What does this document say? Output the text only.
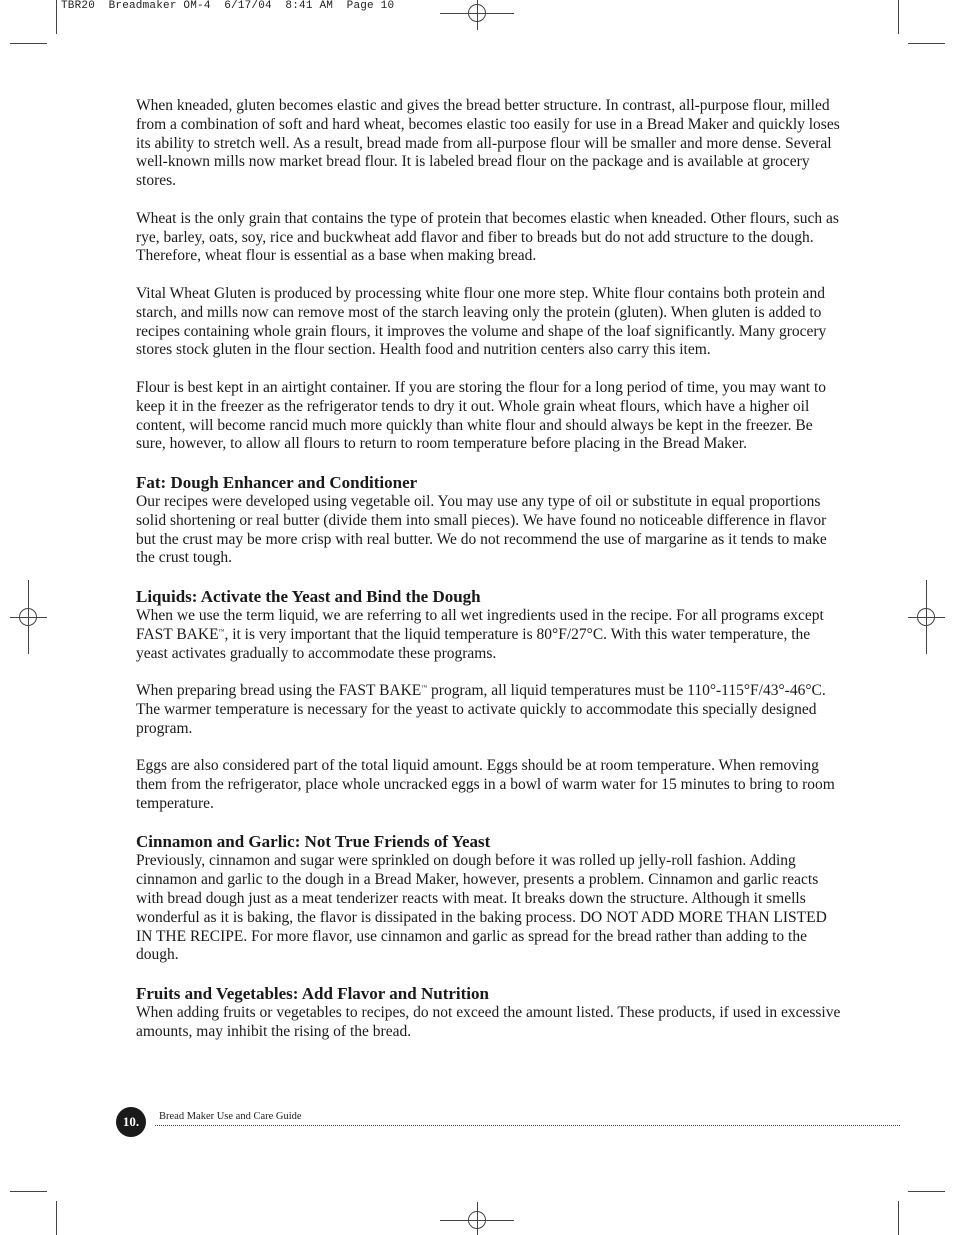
TBR20  Breadmaker OM-4  6/17/04  8:41 AM  Page 10

When kneaded, gluten becomes elastic and gives the bread better structure. In contrast, all-purpose flour, milled from a combination of soft and hard wheat, becomes elastic too easily for use in a Bread Maker and quickly loses its ability to stretch well. As a result, bread made from all-purpose flour will be smaller and more dense. Several well-known mills now market bread flour. It is labeled bread flour on the package and is available at grocery stores.

Wheat is the only grain that contains the type of protein that becomes elastic when kneaded. Other flours, such as rye, barley, oats, soy, rice and buckwheat add flavor and fiber to breads but do not add structure to the dough. Therefore, wheat flour is essential as a base when making bread.

Vital Wheat Gluten is produced by processing white flour one more step. White flour contains both protein and starch, and mills now can remove most of the starch leaving only the protein (gluten). When gluten is added to recipes containing whole grain flours, it improves the volume and shape of the loaf significantly. Many grocery stores stock gluten in the flour section. Health food and nutrition centers also carry this item.

Flour is best kept in an airtight container. If you are storing the flour for a long period of time, you may want to keep it in the freezer as the refrigerator tends to dry it out. Whole grain wheat flours, which have a higher oil content, will become rancid much more quickly than white flour and should always be kept in the freezer. Be sure, however, to allow all flours to return to room temperature before placing in the Bread Maker.

Fat: Dough Enhancer and Conditioner

Our recipes were developed using vegetable oil. You may use any type of oil or substitute in equal proportions solid shortening or real butter (divide them into small pieces). We have found no noticeable difference in flavor but the crust may be more crisp with real butter. We do not recommend the use of margarine as it tends to make the crust tough.

Liquids: Activate the Yeast and Bind the Dough

When we use the term liquid, we are referring to all wet ingredients used in the recipe. For all programs except FAST BAKE™, it is very important that the liquid temperature is 80°F/27°C. With this water temperature, the yeast activates gradually to accommodate these programs.

When preparing bread using the FAST BAKE™ program, all liquid temperatures must be 110°-115°F/43°-46°C. The warmer temperature is necessary for the yeast to activate quickly to accommodate this specially designed program.

Eggs are also considered part of the total liquid amount. Eggs should be at room temperature. When removing them from the refrigerator, place whole uncracked eggs in a bowl of warm water for 15 minutes to bring to room temperature.

Cinnamon and Garlic: Not True Friends of Yeast

Previously, cinnamon and sugar were sprinkled on dough before it was rolled up jelly-roll fashion. Adding cinnamon and garlic to the dough in a Bread Maker, however, presents a problem. Cinnamon and garlic reacts with bread dough just as a meat tenderizer reacts with meat. It breaks down the structure. Although it smells wonderful as it is baking, the flavor is dissipated in the baking process. DO NOT ADD MORE THAN LISTED IN THE RECIPE. For more flavor, use cinnamon and garlic as spread for the bread rather than adding to the dough.

Fruits and Vegetables: Add Flavor and Nutrition

When adding fruits or vegetables to recipes, do not exceed the amount listed. These products, if used in excessive amounts, may inhibit the rising of the bread.

10.	Bread Maker Use and Care Guide
